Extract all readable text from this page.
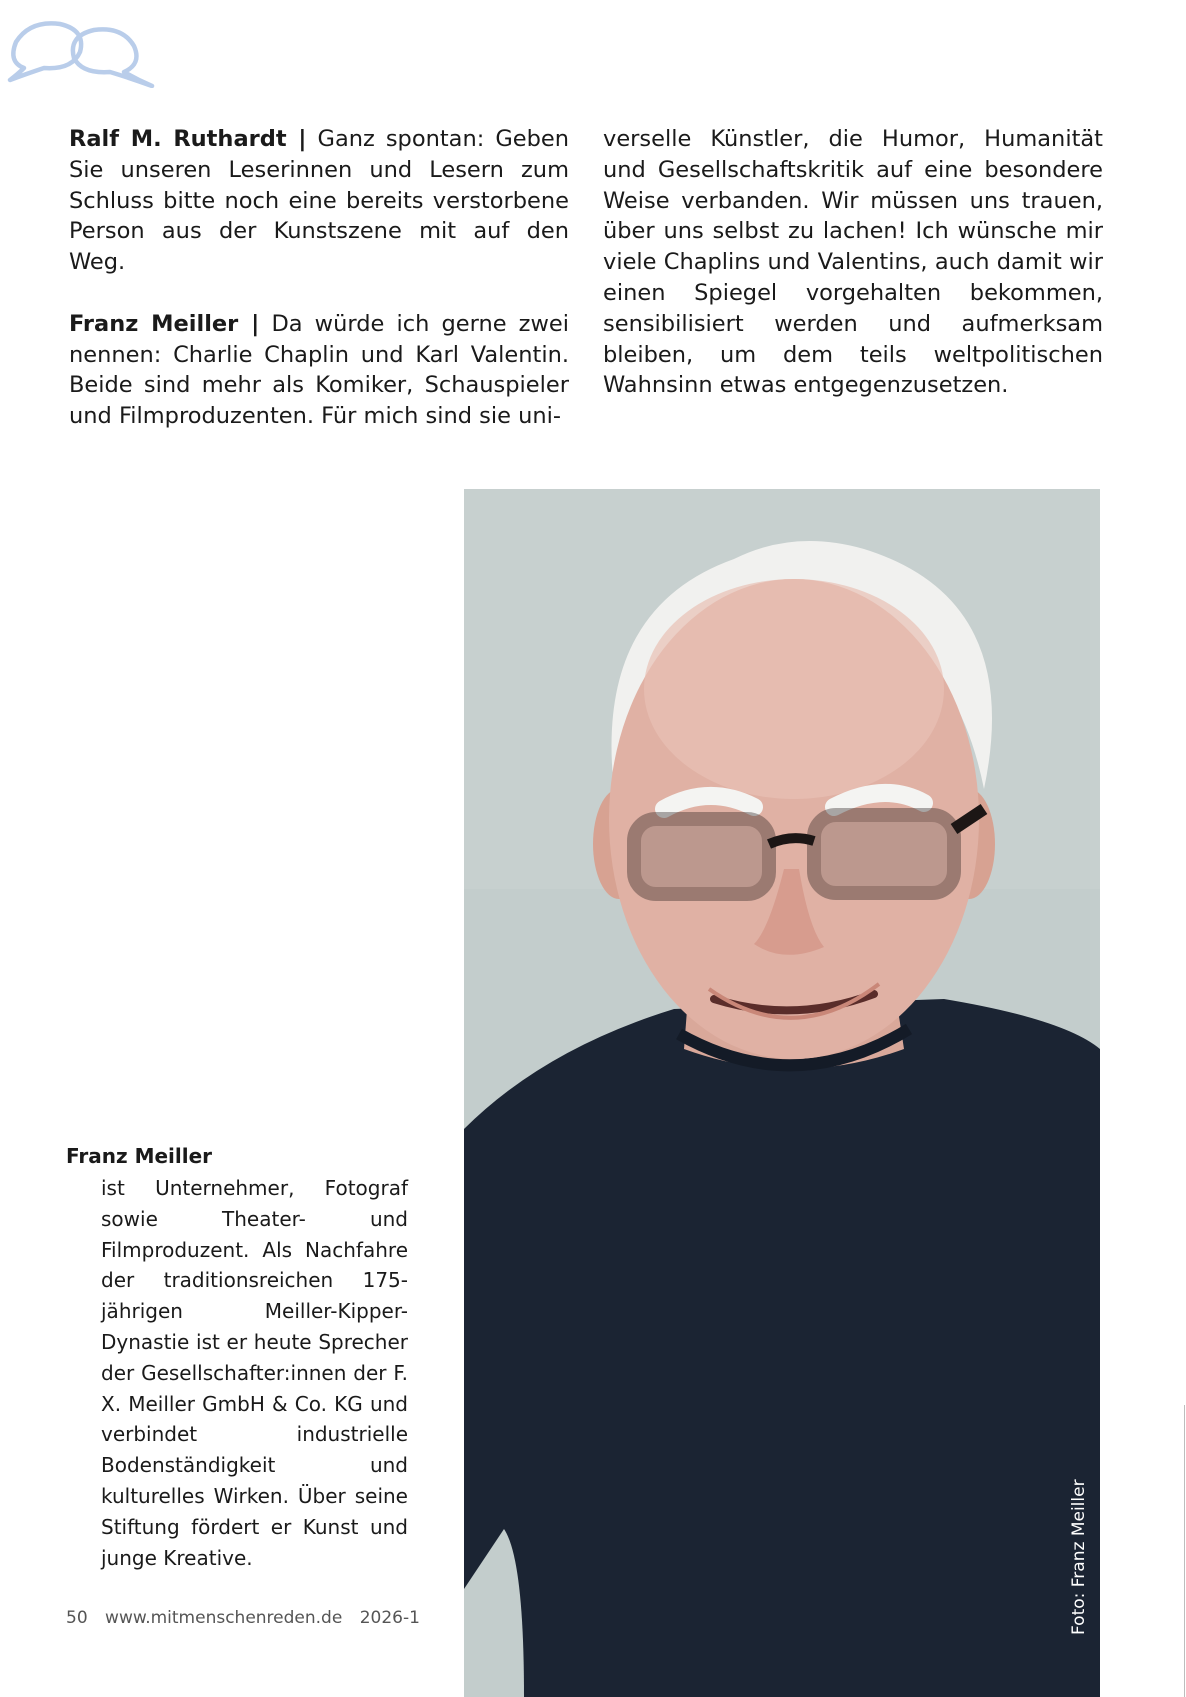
Ralf M. Ruthardt | Ganz spontan: Geben Sie unseren Leserinnen und Lesern zum Schluss bitte noch eine bereits verstorbene Person aus der Kunstszene mit auf den Weg.

Franz Meiller | Da würde ich gerne zwei nennen: Charlie Chaplin und Karl Valentin. Beide sind mehr als Komiker, Schauspieler und Filmproduzenten. Für mich sind sie uni-

verselle Künstler, die Humor, Humanität und Gesellschaftskritik auf eine besondere Weise verbanden. Wir müssen uns trauen, über uns selbst zu lachen! Ich wünsche mir viele Chaplins und Valentins, auch damit wir einen Spiegel vorgehalten bekommen, sensibilisiert werden und aufmerksam bleiben, um dem teils weltpolitischen Wahnsinn etwas entgegenzusetzen.

Foto: Franz Meiller
Franz Meiller
ist Unternehmer, Fotograf sowie Theater- und Filmproduzent. Als Nachfahre der traditionsreichen 175-jährigen Meiller-Kipper-Dynastie ist er heute Sprecher der Gesellschafter:innen der F. X. Meiller GmbH & Co. KG und verbindet industrielle Bodenständigkeit und kulturelles Wirken. Über seine Stiftung fördert er Kunst und junge Kreative.
50 www.mitmenschenreden.de 2026-1
